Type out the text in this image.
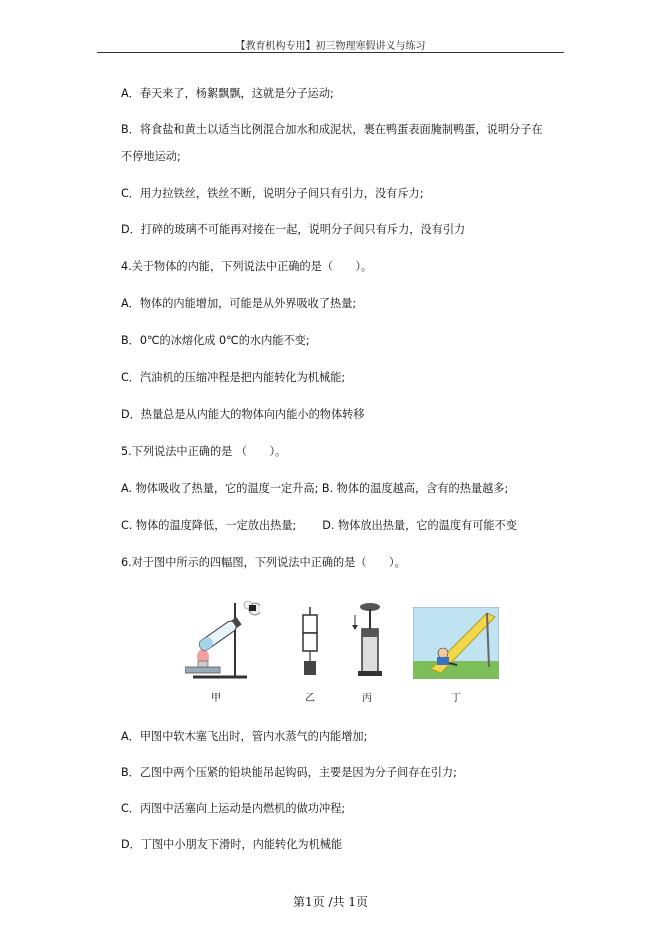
【教育机构专用】初三物理寒假讲义与练习
A．春天来了，杨絮飘飘，这就是分子运动;
B．将食盐和黄土以适当比例混合加水和成泥状，裹在鸭蛋表面腌制鸭蛋，说明分子在
不停地运动;
C．用力拉铁丝，铁丝不断，说明分子间只有引力，没有斥力;
D．打碎的玻璃不可能再对接在一起，说明分子间只有斥力，没有引力
4.关于物体的内能，下列说法中正确的是（　　）。
A．物体的内能增加，可能是从外界吸收了热量;
B．0℃的冰熔化成 0℃的水内能不变;
C．汽油机的压缩冲程是把内能转化为机械能;
D．热量总是从内能大的物体向内能小的物体转移
5.下列说法中正确的是 （　　）。
A. 物体吸收了热量，它的温度一定升高; B. 物体的温度越高，含有的热量越多;
C. 物体的温度降低，一定放出热量;　　 D. 物体放出热量，它的温度有可能不变
6.对于图中所示的四幅图，下列说法中正确的是（　　）。
甲	乙	丙	丁
A．甲图中软木塞飞出时，管内水蒸气的内能增加;
B．乙图中两个压紧的铅块能吊起钩码，主要是因为分子间存在引力;
C．丙图中活塞向上运动是内燃机的做功冲程;
D．丁图中小朋友下滑时，内能转化为机械能
第1页 /共 1页
